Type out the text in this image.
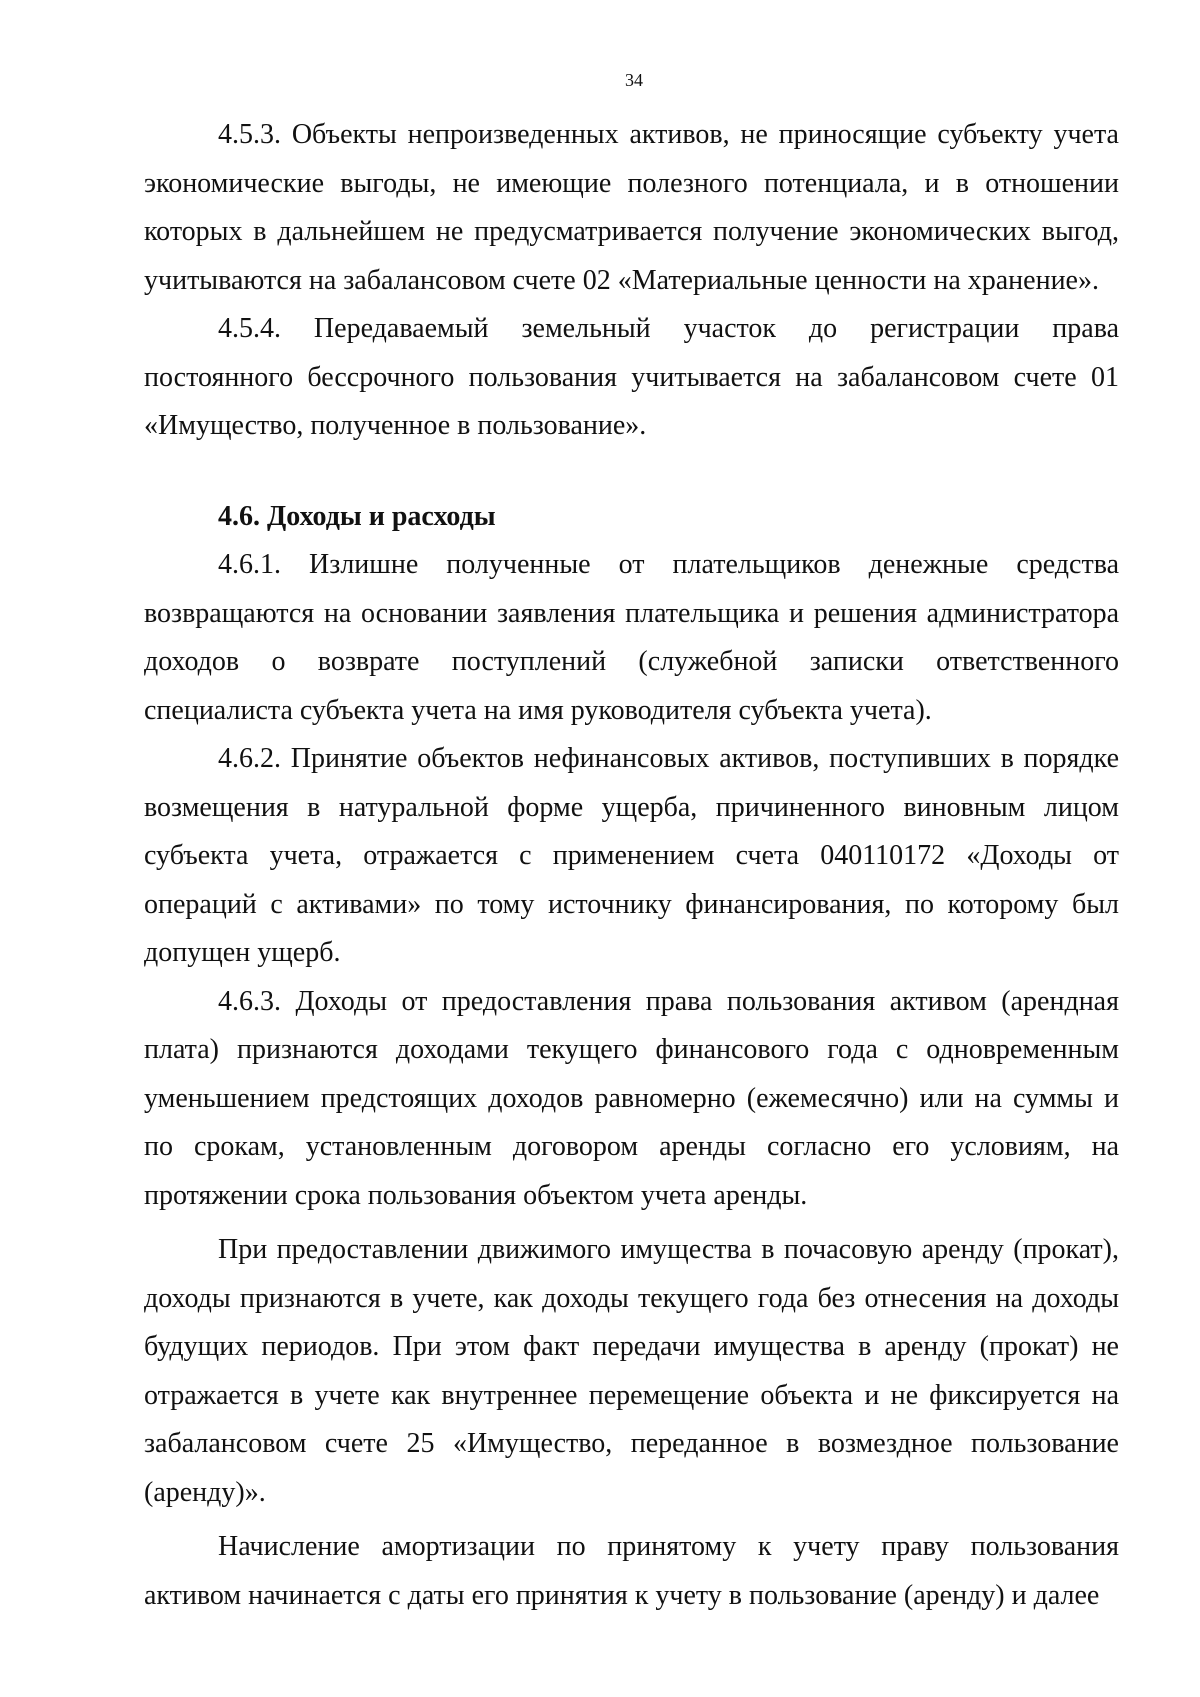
34

4.5.3. Объекты непроизведенных активов, не приносящие субъекту учета экономические выгоды, не имеющие полезного потенциала, и в отношении которых в дальнейшем не предусматривается получение экономических выгод, учитываются на забалансовом счете 02 «Материальные ценности на хранение».

4.5.4. Передаваемый земельный участок до регистрации права постоянного бессрочного пользования учитывается на забалансовом счете 01 «Имущество, полученное в пользование».

4.6. Доходы и расходы

4.6.1. Излишне полученные от плательщиков денежные средства возвращаются на основании заявления плательщика и решения администратора доходов о возврате поступлений (служебной записки ответственного специалиста субъекта учета на имя руководителя субъекта учета).

4.6.2. Принятие объектов нефинансовых активов, поступивших в порядке возмещения в натуральной форме ущерба, причиненного виновным лицом субъекта учета, отражается с применением счета 040110172 «Доходы от операций с активами» по тому источнику финансирования, по которому был допущен ущерб.

4.6.3. Доходы от предоставления права пользования активом (арендная плата) признаются доходами текущего финансового года с одновременным уменьшением предстоящих доходов равномерно (ежемесячно) или на суммы и по срокам, установленным договором аренды согласно его условиям, на протяжении срока пользования объектом учета аренды.

При предоставлении движимого имущества в почасовую аренду (прокат), доходы признаются в учете, как доходы текущего года без отнесения на доходы будущих периодов. При этом факт передачи имущества в аренду (прокат) не отражается в учете как внутреннее перемещение объекта и не фиксируется на забалансовом счете 25 «Имущество, переданное в возмездное пользование (аренду)».

Начисление амортизации по принятому к учету праву пользования активом начинается с даты его принятия к учету в пользование (аренду) и далее
